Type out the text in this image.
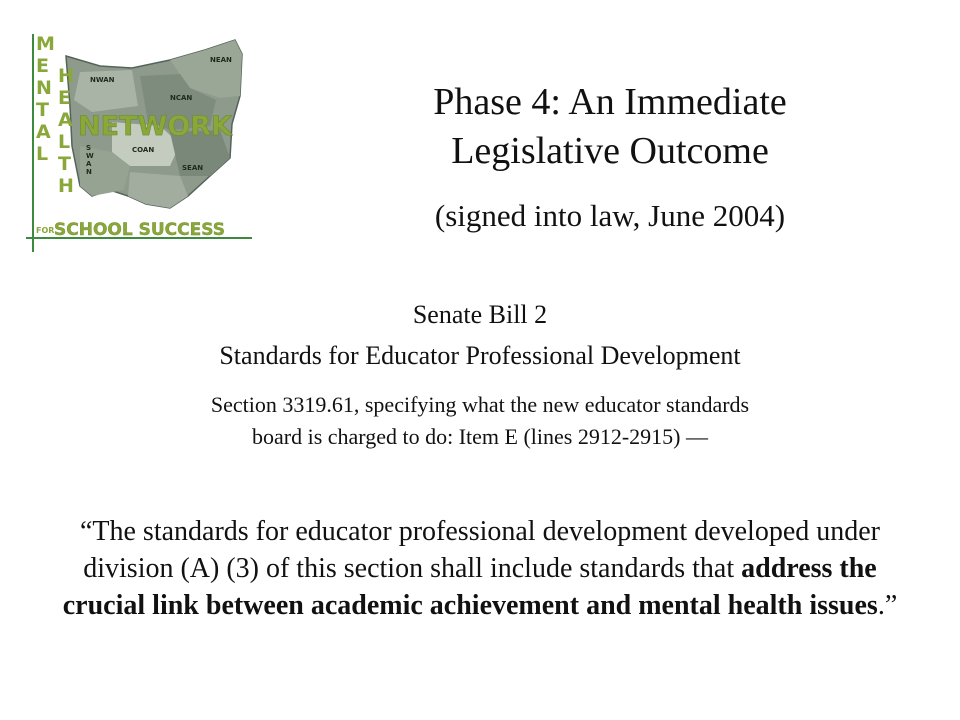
M
E
N
T
A
L
H
E
A
L
T
H
NETWORK
NWAN
NCAN
NEAN
COAN
SEAN
S
W
A
N
FOR SCHOOL SUCCESS
Phase 4: An Immediate
Legislative Outcome
(signed into law, June 2004)
Senate Bill 2
Standards for Educator Professional Development
Section 3319.61, specifying what the new educator standards
board is charged to do: Item E (lines 2912-2915) —
“The standards for educator professional development developed under division (A) (3) of this section shall include standards that address the crucial link between academic achievement and mental health issues.”
